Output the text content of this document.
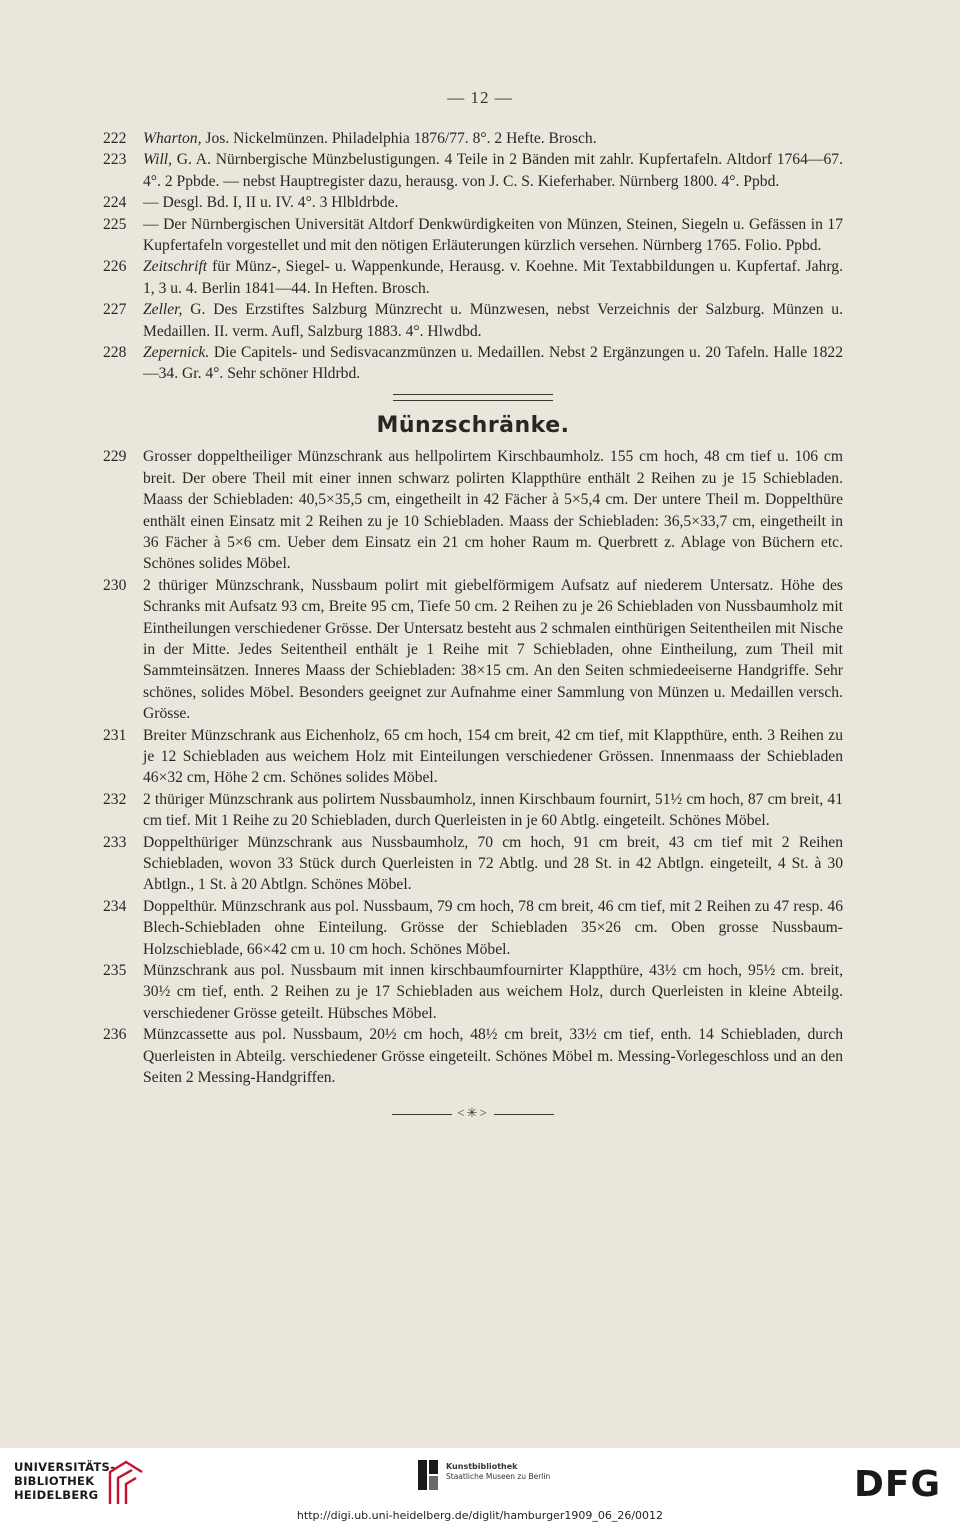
— 12 —
222 Wharton, Jos. Nickelmünzen. Philadelphia 1876/77. 8°. 2 Hefte. Brosch.
223 Will, G. A. Nürnbergische Münzbelustigungen. 4 Teile in 2 Bänden mit zahlr. Kupfertafeln. Altdorf 1764—67. 4°. 2 Ppbde. — nebst Hauptregister dazu, herausg. von J. C. S. Kieferhaber. Nürnberg 1800. 4°. Ppbd.
224 — Desgl. Bd. I, II u. IV. 4°. 3 Hlbldrbde.
225 — Der Nürnbergischen Universität Altdorf Denkwürdigkeiten von Münzen, Steinen, Siegeln u. Gefässen in 17 Kupfertafeln vorgestellet und mit den nötigen Erläuterungen kürzlich versehen. Nürnberg 1765. Folio. Ppbd.
226 Zeitschrift für Münz-, Siegel- u. Wappenkunde, Herausg. v. Koehne. Mit Textabbildungen u. Kupfertaf. Jahrg. 1, 3 u. 4. Berlin 1841—44. In Heften. Brosch.
227 Zeller, G. Des Erzstiftes Salzburg Münzrecht u. Münzwesen, nebst Verzeichnis der Salzburg. Münzen u. Medaillen. II. verm. Aufl, Salzburg 1883. 4°. Hlwdbd.
228 Zepernick. Die Capitels- und Sedisvacanzmünzen u. Medaillen. Nebst 2 Ergänzungen u. 20 Tafeln. Halle 1822—34. Gr. 4°. Sehr schöner Hldrbd.
Münzschränke.
229 Grosser doppeltheiliger Münzschrank aus hellpolirtem Kirschbaumholz. 155 cm hoch, 48 cm tief u. 106 cm breit. Der obere Theil mit einer innen schwarz polirten Klappthüre enthält 2 Reihen zu je 15 Schiebladen. Maass der Schiebladen: 40,5×35,5 cm, eingetheilt in 42 Fächer à 5×5,4 cm. Der untere Theil m. Doppelthüre enthält einen Einsatz mit 2 Reihen zu je 10 Schiebladen. Maass der Schiebladen: 36,5×33,7 cm, eingetheilt in 36 Fächer à 5×6 cm. Ueber dem Einsatz ein 21 cm hoher Raum m. Querbrett z. Ablage von Büchern etc. Schönes solides Möbel.
230 2 thüriger Münzschrank, Nussbaum polirt mit giebelförmigem Aufsatz auf niederem Untersatz. Höhe des Schranks mit Aufsatz 93 cm, Breite 95 cm, Tiefe 50 cm. 2 Reihen zu je 26 Schiebladen von Nussbaumholz mit Eintheilungen verschiedener Grösse. Der Untersatz besteht aus 2 schmalen einthürigen Seitentheilen mit Nische in der Mitte. Jedes Seitentheil enthält je 1 Reihe mit 7 Schiebladen, ohne Eintheilung, zum Theil mit Sammteinsätzen. Inneres Maass der Schiebladen: 38×15 cm. An den Seiten schmiedeeiserne Handgriffe. Sehr schönes, solides Möbel. Besonders geeignet zur Aufnahme einer Sammlung von Münzen u. Medaillen versch. Grösse.
231 Breiter Münzschrank aus Eichenholz, 65 cm hoch, 154 cm breit, 42 cm tief, mit Klappthüre, enth. 3 Reihen zu je 12 Schiebladen aus weichem Holz mit Einteilungen verschiedener Grössen. Innenmaass der Schiebladen 46×32 cm, Höhe 2 cm. Schönes solides Möbel.
232 2 thüriger Münzschrank aus polirtem Nussbaumholz, innen Kirschbaum fournirt, 51½ cm hoch, 87 cm breit, 41 cm tief. Mit 1 Reihe zu 20 Schiebladen, durch Querleisten in je 60 Abtlg. eingeteilt. Schönes Möbel.
233 Doppelthüriger Münzschrank aus Nussbaumholz, 70 cm hoch, 91 cm breit, 43 cm tief mit 2 Reihen Schiebladen, wovon 33 Stück durch Querleisten in 72 Abtlg. und 28 St. in 42 Abtlgn. eingeteilt, 4 St. à 30 Abtlgn., 1 St. à 20 Abtlgn. Schönes Möbel.
234 Doppelthür. Münzschrank aus pol. Nussbaum, 79 cm hoch, 78 cm breit, 46 cm tief, mit 2 Reihen zu 47 resp. 46 Blech-Schiebladen ohne Einteilung. Grösse der Schiebladen 35×26 cm. Oben grosse Nussbaum-Holzschieblade, 66×42 cm u. 10 cm hoch. Schönes Möbel.
235 Münzschrank aus pol. Nussbaum mit innen kirschbaumfournirter Klappthüre, 43½ cm hoch, 95½ cm. breit, 30½ cm tief, enth. 2 Reihen zu je 17 Schiebladen aus weichem Holz, durch Querleisten in kleine Abteilg. verschiedener Grösse geteilt. Hübsches Möbel.
236 Münzcassette aus pol. Nussbaum, 20½ cm hoch, 48½ cm breit, 33½ cm tief, enth. 14 Schiebladen, durch Querleisten in Abteilg. verschiedener Grösse eingeteilt. Schönes Möbel m. Messing-Vorlegeschloss und an den Seiten 2 Messing-Handgriffen.
<✳>
UNIVERSITÄTS-
BIBLIOTHEK
HEIDELBERG
Kunstbibliothek
Staatliche Museen zu Berlin	DFG
http://digi.ub.uni-heidelberg.de/diglit/hamburger1909_06_26/0012
